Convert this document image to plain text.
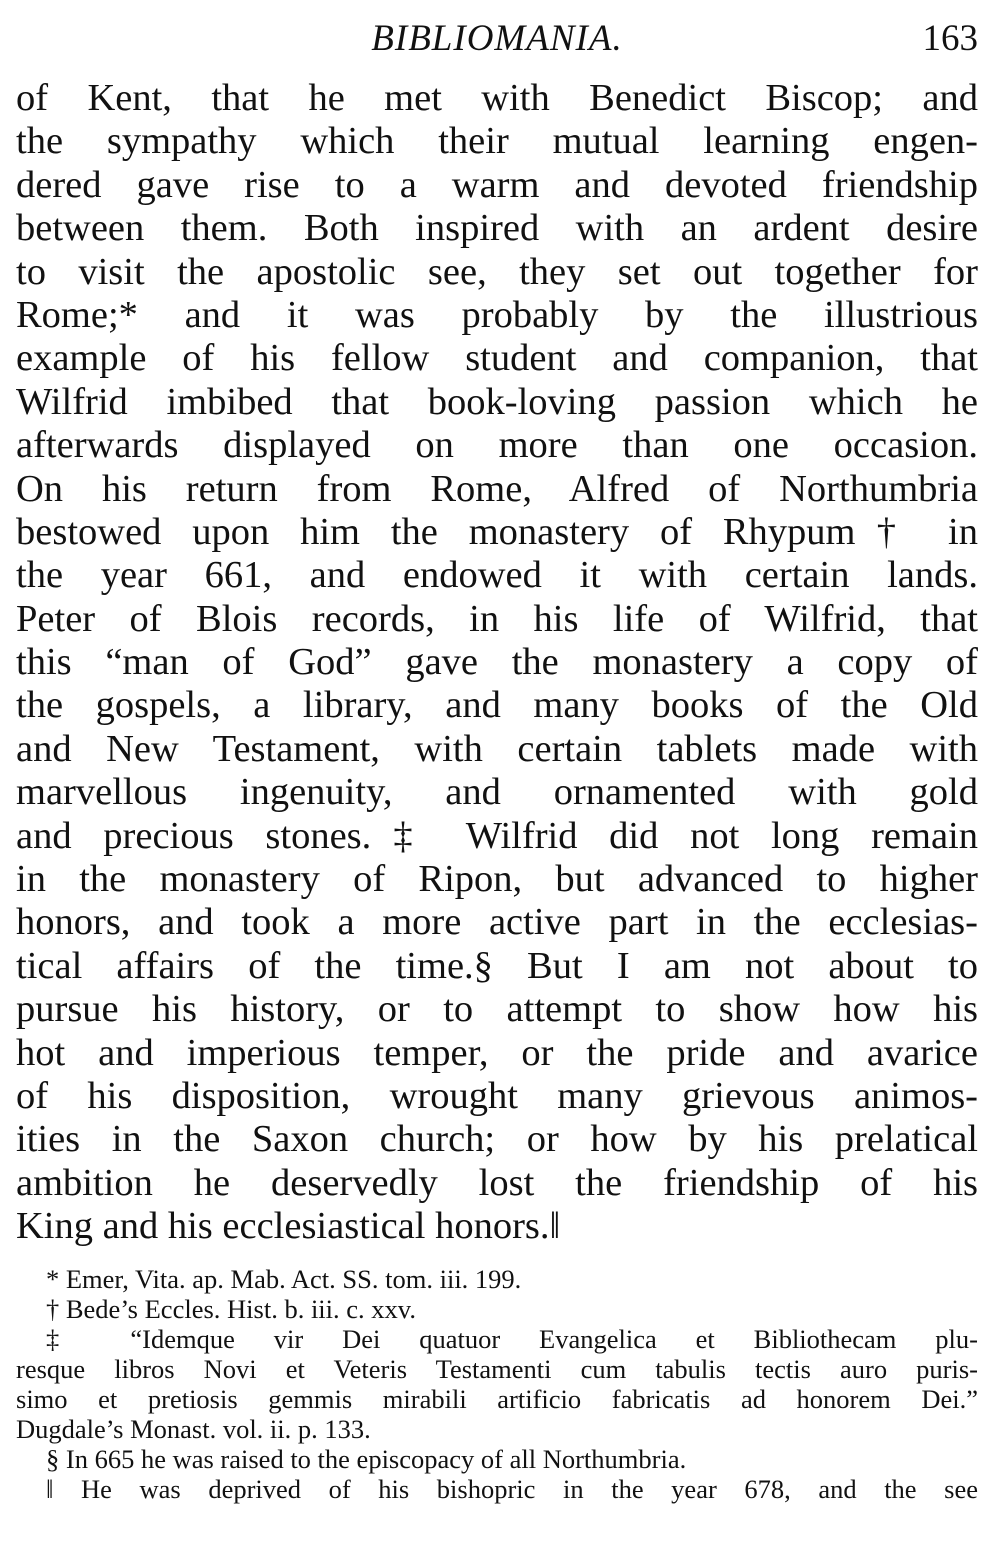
BIBLIOMANIA.	163
of Kent, that he met with Benedict Biscop; and
the sympathy which their mutual learning engen-
dered gave rise to a warm and devoted friendship
between them. Both inspired with an ardent desire
to visit the apostolic see, they set out together for
Rome;* and it was probably by the illustrious
example of his fellow student and companion, that
Wilfrid imbibed that book-loving passion which he
afterwards displayed on more than one occasion.
On his return from Rome, Alfred of Northumbria
bestowed upon him the monastery of Rhypum† in
the year 661, and endowed it with certain lands.
Peter of Blois records, in his life of Wilfrid, that
this “man of God” gave the monastery a copy of
the gospels, a library, and many books of the Old
and New Testament, with certain tablets made with
marvellous ingenuity, and ornamented with gold
and precious stones.‡ Wilfrid did not long remain
in the monastery of Ripon, but advanced to higher
honors, and took a more active part in the ecclesias-
tical affairs of the time.§ But I am not about to
pursue his history, or to attempt to show how his
hot and imperious temper, or the pride and avarice
of his disposition, wrought many grievous animos-
ities in the Saxon church; or how by his prelatical
ambition he deservedly lost the friendship of his
King and his ecclesiastical honors.‖
* Emer, Vita. ap. Mab. Act. SS. tom. iii. 199.
† Bede’s Eccles. Hist. b. iii. c. xxv.
‡ “Idemque vir Dei quatuor Evangelica et Bibliothecam plu-
resque libros Novi et Veteris Testamenti cum tabulis tectis auro puris-
simo et pretiosis gemmis mirabili artificio fabricatis ad honorem Dei.”
Dugdale’s Monast. vol. ii. p. 133.
§ In 665 he was raised to the episcopacy of all Northumbria.
‖ He was deprived of his bishopric in the year 678, and the see
